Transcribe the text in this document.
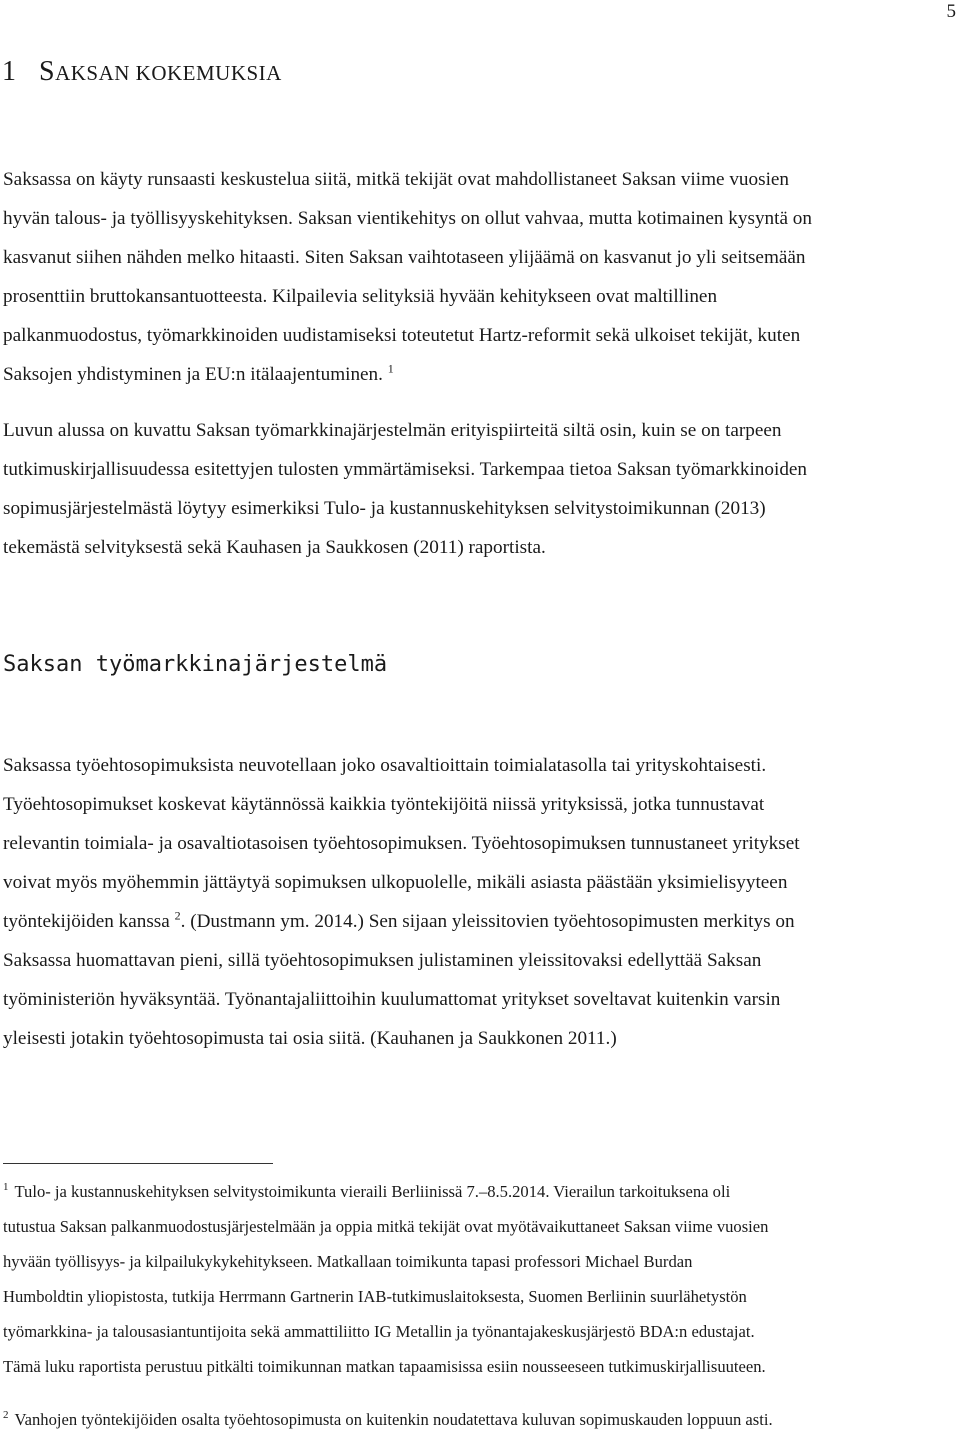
5
1 SAKSAN KOKEMUKSIA

Saksassa on käyty runsaasti keskustelua siitä, mitkä tekijät ovat mahdollistaneet Saksan viime vuosien
hyvän talous- ja työllisyyskehityksen. Saksan vientikehitys on ollut vahvaa, mutta kotimainen kysyntä on
kasvanut siihen nähden melko hitaasti. Siten Saksan vaihtotaseen ylijäämä on kasvanut jo yli seitsemään
prosenttiin bruttokansantuotteesta. Kilpailevia selityksiä hyvään kehitykseen ovat maltillinen
palkanmuodostus, työmarkkinoiden uudistamiseksi toteutetut Hartz-reformit sekä ulkoiset tekijät, kuten
Saksojen yhdistyminen ja EU:n itälaajentuminen. $^1$

Luvun alussa on kuvattu Saksan työmarkkinajärjestelmän erityispiirteitä siltä osin, kuin se on tarpeen
tutkimuskirjallisuudessa esitettyjen tulosten ymmärtämiseksi. Tarkempaa tietoa Saksan työmarkkinoiden
sopimusjärjestelmästä löytyy esimerkiksi Tulo- ja kustannuskehityksen selvitystoimikunnan (2013)
tekemästä selvityksestä sekä Kauhasen ja Saukkosen (2011) raportista.

Saksan työmarkkinajärjestelmä

Saksassa työehtosopimuksista neuvotellaan joko osavaltioittain toimialatasolla tai yrityskohtaisesti.
Työehtosopimukset koskevat käytännössä kaikkia työntekijöitä niissä yrityksissä, jotka tunnustavat
relevantin toimiala- ja osavaltiotasoisen työehtosopimuksen. Työehtosopimuksen tunnustaneet yritykset
voivat myös myöhemmin jättäytyä sopimuksen ulkopuolelle, mikäli asiasta päästään yksimielisyyteen
työntekijöiden kanssa $^2$. (Dustmann ym. 2014.) Sen sijaan yleissitovien työehtosopimusten merkitys on
Saksassa huomattavan pieni, sillä työehtosopimuksen julistaminen yleissitovaksi edellyttää Saksan
työministeriön hyväksyntää. Työnantajaliittoihin kuulumattomat yritykset soveltavat kuitenkin varsin
yleisesti jotakin työehtosopimusta tai osia siitä. (Kauhanen ja Saukkonen 2011.)

$^1$ Tulo- ja kustannuskehityksen selvitystoimikunta vieraili Berliinissä 7.–8.5.2014. Vierailun tarkoituksena oli
tutustua Saksan palkanmuodostusjärjestelmään ja oppia mitkä tekijät ovat myötävaikuttaneet Saksan viime vuosien
hyvään työllisyys- ja kilpailukykykehitykseen. Matkallaan toimikunta tapasi professori Michael Burdan
Humboldtin yliopistosta, tutkija Herrmann Gartnerin IAB-tutkimuslaitoksesta, Suomen Berliinin suurlähetystön
työmarkkina- ja talousasiantuntijoita sekä ammattiliitto IG Metallin ja työnantajakeskusjärjestö BDA:n edustajat.
Tämä luku raportista perustuu pitkälti toimikunnan matkan tapaamisissa esiin nousseeseen tutkimuskirjallisuuteen.
$^2$ Vanhojen työntekijöiden osalta työehtosopimusta on kuitenkin noudatettava kuluvan sopimuskauden loppuun asti.
